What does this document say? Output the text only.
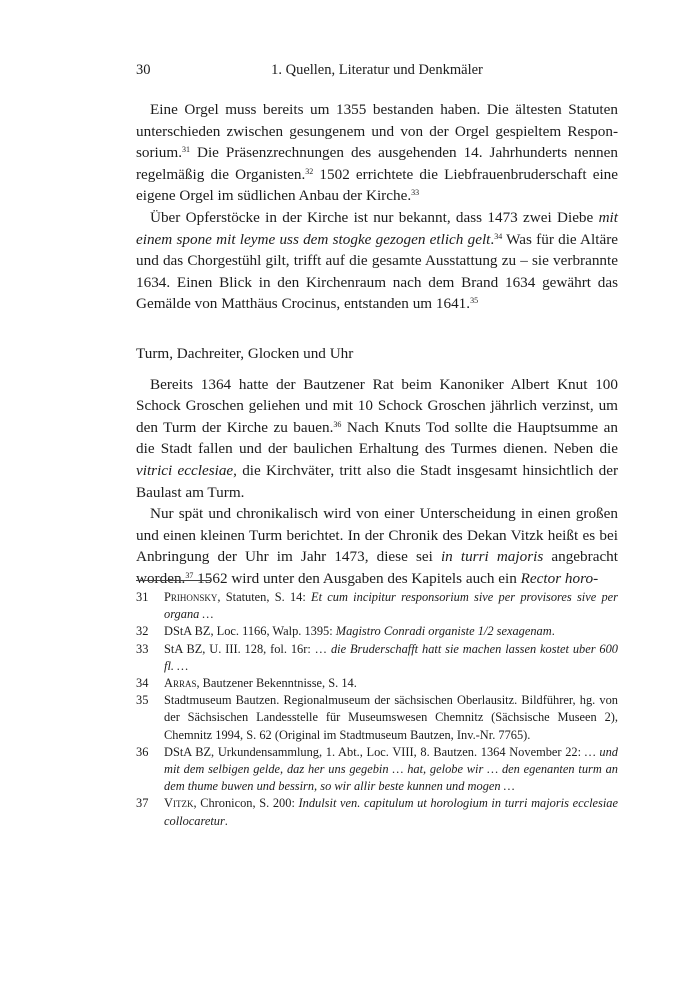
30	1. Quellen, Literatur und Denkmäler

Eine Orgel muss bereits um 1355 bestanden haben. Die ältesten Statuten unterschieden zwischen gesungenem und von der Orgel gespieltem Responsorium.$^{31}$ Die Präsenzrechnungen des ausgehenden 14. Jahrhunderts nennen regelmäßig die Organisten.$^{32}$ 1502 errichtete die Liebfrauenbruderschaft eine eigene Orgel im südlichen Anbau der Kirche.$^{33}$

Über Opferstöcke in der Kirche ist nur bekannt, dass 1473 zwei Diebe mit einem spone mit leyme uss dem stogke gezogen etlich gelt.$^{34}$ Was für die Altäre und das Chorgestühl gilt, trifft auf die gesamte Ausstattung zu – sie verbrannte 1634. Einen Blick in den Kirchenraum nach dem Brand 1634 gewährt das Gemälde von Matthäus Crocinus, entstanden um 1641.35

Turm, Dachreiter, Glocken und Uhr

Bereits 1364 hatte der Bautzener Rat beim Kanoniker Albert Knut 100 Schock Groschen geliehen und mit 10 Schock Groschen jährlich verzinst, um den Turm der Kirche zu bauen.$^{36}$ Nach Knuts Tod sollte die Hauptsumme an die Stadt fallen und der baulichen Erhaltung des Turmes dienen. Neben die vitrici ecclesiae, die Kirchväter, tritt also die Stadt insgesamt hinsichtlich der Baulast am Turm.

Nur spät und chronikalisch wird von einer Unterscheidung in einen großen und einen kleinen Turm berichtet. In der Chronik des Dekan Vitzk heißt es bei Anbringung der Uhr im Jahr 1473, diese sei in turri majoris angebracht worden.$^{37}$ 1562 wird unter den Ausgaben des Kapitels auch ein Rector horo-

31	Prihonsky, Statuten, S. 14: Et cum incipitur responsorium sive per provisores sive per organa …
32	DStA BZ, Loc. 1166, Walp. 1395: Magistro Conradi organiste 1/2 sexagenam.
33	StA BZ, U. III. 128, fol. 16r: … die Bruderschafft hatt sie machen lassen kostet uber 600 fl. …
34	Arras, Bautzener Bekenntnisse, S. 14.
35	Stadtmuseum Bautzen. Regionalmuseum der sächsischen Oberlausitz. Bildführer, hg. von der Sächsischen Landesstelle für Museumswesen Chemnitz (Sächsische Museen 2), Chemnitz 1994, S. 62 (Original im Stadtmuseum Bautzen, Inv.-Nr. 7765).
36	DStA BZ, Urkundensammlung, 1. Abt., Loc. VIII, 8. Bautzen. 1364 November 22: … und mit dem selbigen gelde, daz her uns gegebin … hat, gelobe wir … den egenanten turm an dem thume buwen und bessirn, so wir allir beste kunnen und mogen …
37	Vitzk, Chronicon, S. 200: Indulsit ven. capitulum ut horologium in turri majoris ecclesiae collocaretur.
